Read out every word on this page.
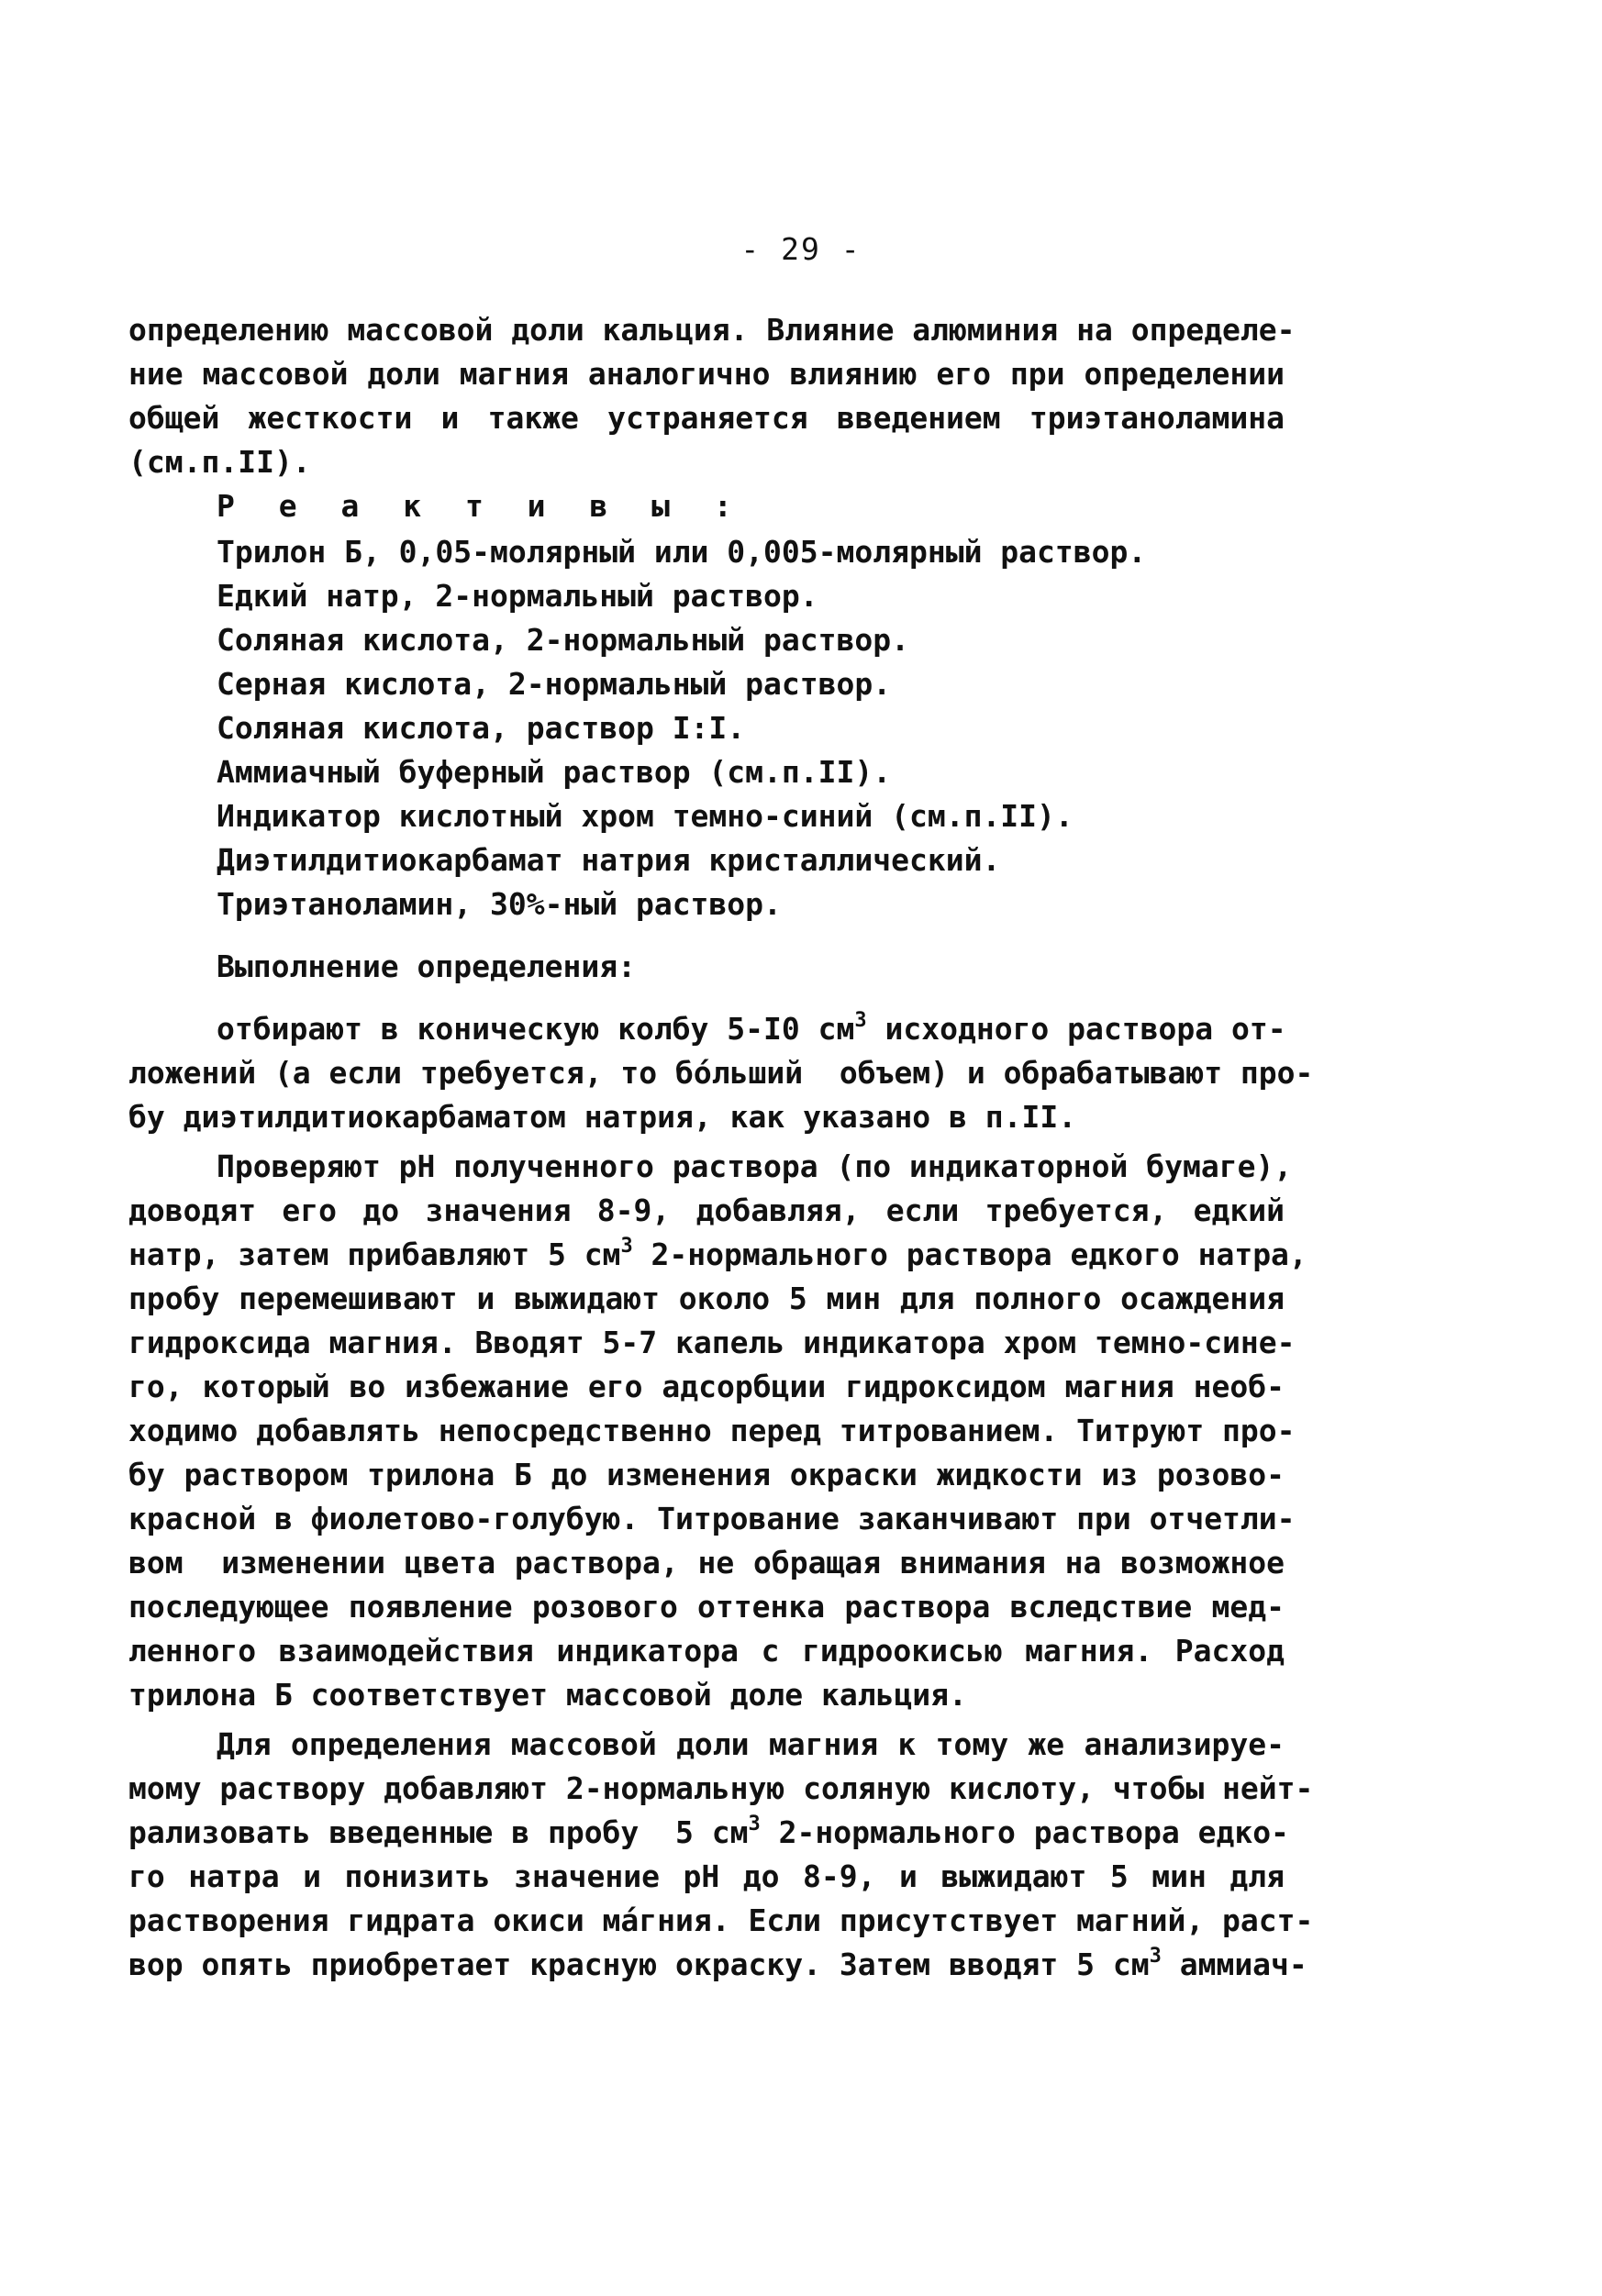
- 29 -
определению массовой доли кальция. Влияние алюминия на определе-
ние массовой доли магния аналогично влиянию его при определении
общей жесткости и также устраняется введением триэтаноламина
(см.п.II).
Р е а к т и в ы :
Трилон Б, 0,05-молярный или 0,005-молярный раствор.
Едкий натр, 2-нормальный раствор.
Соляная кислота, 2-нормальный раствор.
Серная кислота, 2-нормальный раствор.
Соляная кислота, раствор I:I.
Аммиачный буферный раствор (см.п.II).
Индикатор кислотный хром темно-синий (см.п.II).
Диэтилдитиокарбамат натрия кристаллический.
Триэтаноламин, 30%-ный раствор.
Выполнение определения:
отбирают в коническую колбу 5-I0 $см^3$ исходного раствора от-
ложений (а если требуется, то бо́льший  объем) и обрабатывают про-
бу диэтилдитиокарбаматом натрия, как указано в п.II.
Проверяют pH полученного раствора (по индикаторной бумаге),
доводят его до значения 8-9, добавляя, если требуется, едкий
натр, затем прибавляют 5 $см^3$ 2-нормального раствора едкого натра,
пробу перемешивают и выжидают около 5 мин для полного осаждения
гидроксида магния. Вводят 5-7 капель индикатора хром темно-сине-
го, который во избежание его адсорбции гидроксидом магния необ-
ходимо добавлять непосредственно перед титрованием. Титруют про-
бу раствором трилона Б до изменения окраски жидкости из розово-
красной в фиолетово-голубую. Титрование заканчивают при отчетли-
вом  изменении цвета раствора, не обращая внимания на возможное
последующее появление розового оттенка раствора вследствие мед-
ленного взаимодействия индикатора с гидроокисью магния. Расход
трилона Б соответствует массовой доле кальция.
Для определения массовой доли магния к тому же анализируе-
мому раствору добавляют 2-нормальную соляную кислоту, чтобы нейт-
рализовать введенные в пробу  5 $см^3$ 2-нормального раствора едко-
го натра и понизить значение pH до 8-9, и выжидают 5 мин для
растворения гидрата окиси ма́гния. Если присутствует магний, раст-
вор опять приобретает красную окраску. Затем вводят 5 $см^3$ аммиач-
